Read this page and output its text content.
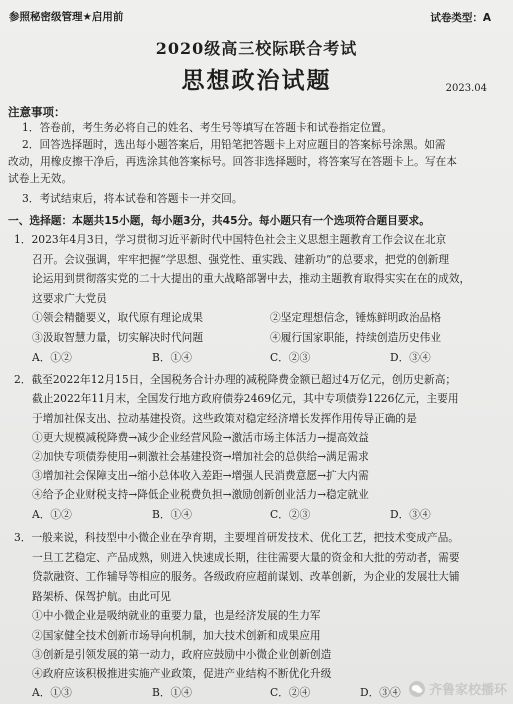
参照秘密级管理★启用前	试卷类型：A
2020级高三校际联合考试
思想政治试题	2023.04
注意事项：
1．答卷前，考生务必将自己的姓名、考生号等填写在答题卡和试卷指定位置。
2．回答选择题时，选出每小题答案后，用铅笔把答题卡上对应题目的答案标号涂黑。如需
改动，用橡皮擦干净后，再选涂其他答案标号。回答非选择题时，将答案写在答题卡上。写在本
试卷上无效。
3．考试结束后，将本试卷和答题卡一并交回。
一、选择题：本题共15小题，每小题3分，共45分。每小题只有一个选项符合题目要求。
1．2023年4月3日，学习贯彻习近平新时代中国特色社会主义思想主题教育工作会议在北京
召开。会议强调，牢牢把握“学思想、强党性、重实践、建新功”的总要求，把党的创新理
论运用到贯彻落实党的二十大提出的重大战略部署中去，推动主题教育取得实实在在的成效，
这要求广大党员
①领会精髓要义，取代原有理论成果	②坚定理想信念，锤炼鲜明政治品格
③汲取智慧力量，切实解决时代问题	④履行国家职能，持续创造历史伟业
A．①②	B．①④	C．②③	D．③④
2．截至2022年12月15日，全国税务合计办理的减税降费金额已超过4万亿元，创历史新高；
截止2022年11月末，全国发行地方政府债券2469亿元，其中专项债券1226亿元，主要用
于增加社保支出、拉动基建投资。这些政策对稳定经济增长发挥作用传导正确的是
①更大规模减税降费→减少企业经营风险→激活市场主体活力→提高效益
②加快专项债券使用→刺激社会基建投资→增加社会的总供给→满足需求
③增加社会保障支出→缩小总体收入差距→增强人民消费意愿→扩大内需
④给予企业财税支持→降低企业税费负担→激励创新创业活力→稳定就业
A．①②	B．①④	C．②③	D．③④
3．一般来说，科技型中小微企业在孕育期，主要埋首研发技术、优化工艺，把技术变成产品。
一旦工艺稳定、产品成熟，则进入快速成长期，往往需要大量的资金和大批的劳动者，需要
贷款融资、工作辅导等相应的服务。各级政府应超前谋划、改革创新，为企业的发展壮大铺
路架桥、保驾护航。由此可见
①中小微企业是吸纳就业的重要力量，也是经济发展的生力军
②国家健全技术创新市场导向机制，加大技术创新和成果应用
③创新是引领发展的第一动力，政府应鼓励中小微企业创新创造
④政府应该积极推进实施产业政策，促进产业结构不断优化升级
A．①③	B．①④	C．②④	D．③④ 齐鲁家校播环
